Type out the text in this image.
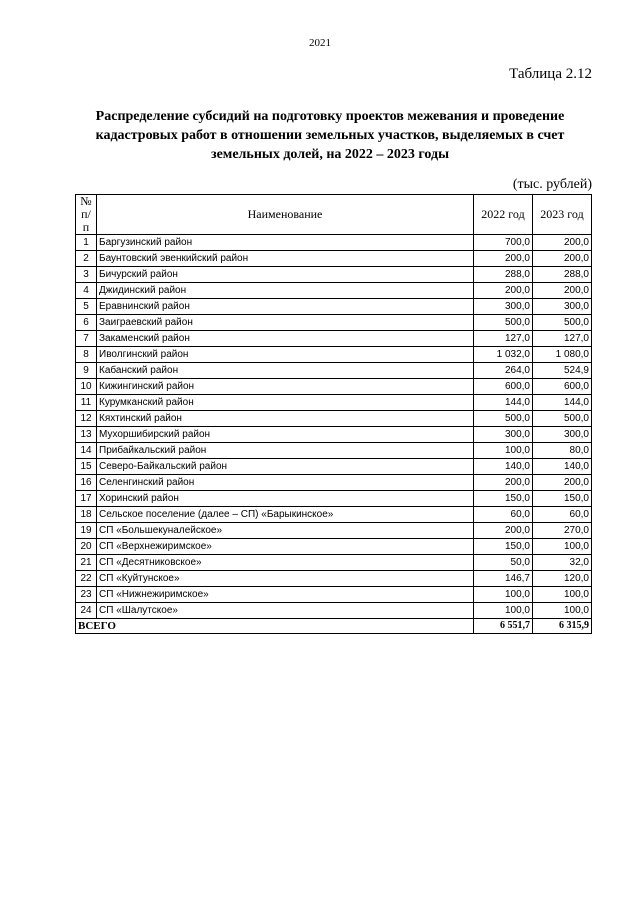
2021
Таблица 2.12
Распределение субсидий на подготовку проектов межевания и проведение
кадастровых работ в отношении земельных участков, выделяемых в счет
земельных долей, на 2022 – 2023 годы
(тыс. рублей)
№
п/п	Наименование	2022 год	2023 год
1	Баргузинский район	700,0	200,0
2	Баунтовский эвенкийский район	200,0	200,0
3	Бичурский район	288,0	288,0
4	Джидинский район	200,0	200,0
5	Еравнинский район	300,0	300,0
6	Заиграевский район	500,0	500,0
7	Закаменский район	127,0	127,0
8	Иволгинский район	1 032,0	1 080,0
9	Кабанский район	264,0	524,9
10	Кижингинский район	600,0	600,0
11	Курумканский район	144,0	144,0
12	Кяхтинский район	500,0	500,0
13	Мухоршибирский район	300,0	300,0
14	Прибайкальский район	100,0	80,0
15	Северо-Байкальский район	140,0	140,0
16	Селенгинский район	200,0	200,0
17	Хоринский район	150,0	150,0
18	Сельское поселение (далее – СП) «Барыкинское»	60,0	60,0
19	СП «Большекуналейское»	200,0	270,0
20	СП «Верхнежиримское»	150,0	100,0
21	СП «Десятниковское»	50,0	32,0
22	СП «Куйтунское»	146,7	120,0
23	СП «Нижнежиримское»	100,0	100,0
24	СП «Шалутское»	100,0	100,0
ВСЕГО		6 551,7	6 315,9
